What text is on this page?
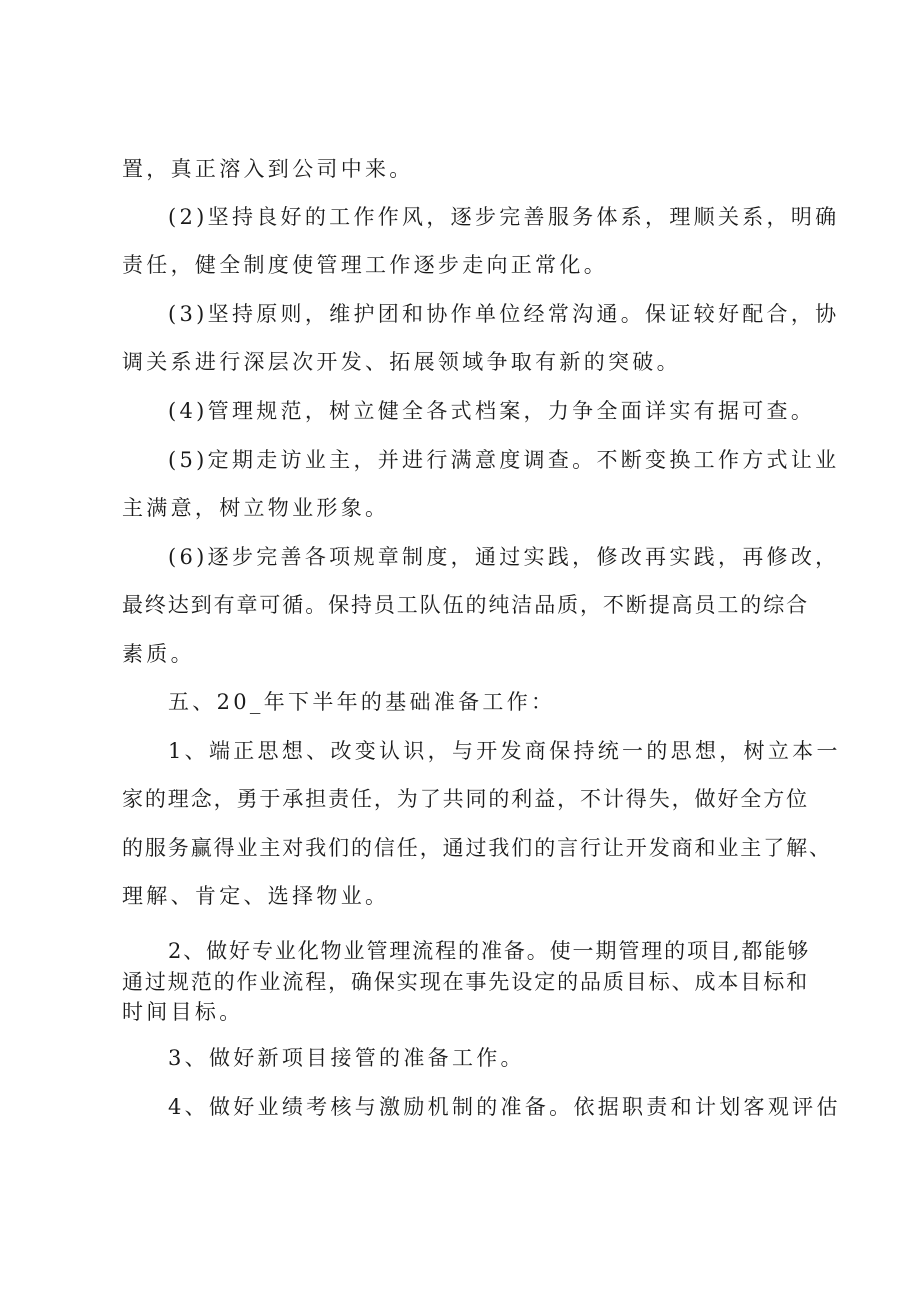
置，真正溶入到公司中来。
(2)坚持良好的工作作风，逐步完善服务体系，理顺关系，明确
责任，健全制度使管理工作逐步走向正常化。
(3)坚持原则，维护团和协作单位经常沟通。保证较好配合，协
调关系进行深层次开发、拓展领域争取有新的突破。
(4)管理规范，树立健全各式档案，力争全面详实有据可查。
(5)定期走访业主，并进行满意度调查。不断变换工作方式让业
主满意，树立物业形象。
(6)逐步完善各项规章制度，通过实践，修改再实践，再修改，
最终达到有章可循。保持员工队伍的纯洁品质，不断提高员工的综合
素质。
五、20_年下半年的基础准备工作：
1、端正思想、改变认识，与开发商保持统一的思想，树立本一
家的理念，勇于承担责任，为了共同的利益，不计得失，做好全方位
的服务赢得业主对我们的信任，通过我们的言行让开发商和业主了解、
理解、肯定、选择物业。
2、做好专业化物业管理流程的准备。使一期管理的项目,都能够
通过规范的作业流程，确保实现在事先设定的品质目标、成本目标和
时间目标。
3、做好新项目接管的准备工作。
4、做好业绩考核与激励机制的准备。依据职责和计划客观评估
